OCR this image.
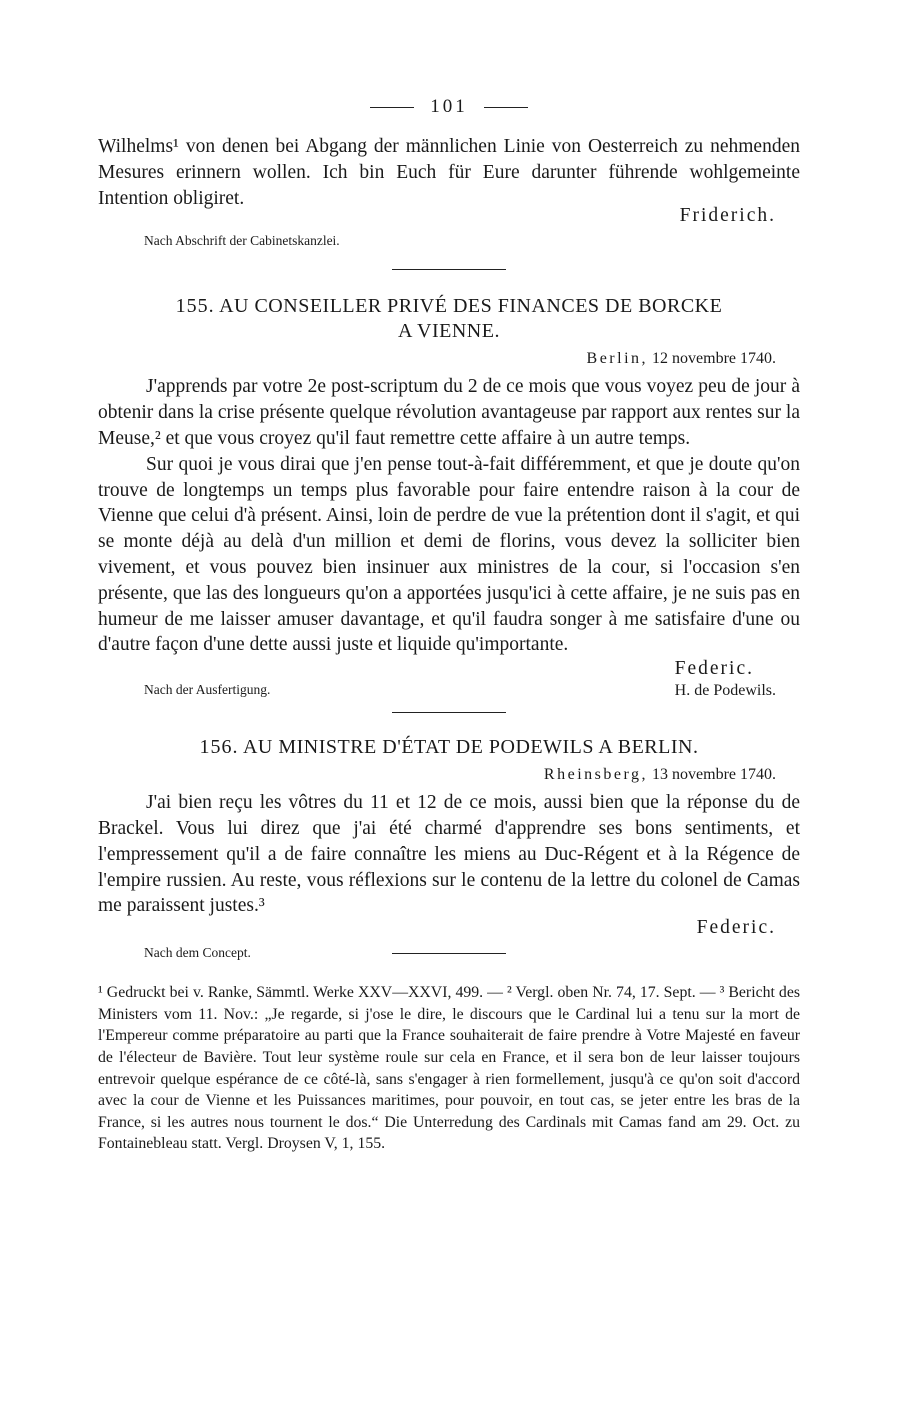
101

Wilhelms¹ von denen bei Abgang der männlichen Linie von Oesterreich zu nehmenden Mesures erinnern wollen. Ich bin Euch für Eure darunter führende wohlgemeinte Intention obligiret.

Friderich.
Nach Abschrift der Cabinetskanzlei.
155. AU CONSEILLER PRIVÉ DES FINANCES DE BORCKE
A VIENNE.
Berlin, 12 novembre 1740.

J'apprends par votre 2e post-scriptum du 2 de ce mois que vous voyez peu de jour à obtenir dans la crise présente quelque révolution avantageuse par rapport aux rentes sur la Meuse,² et que vous croyez qu'il faut remettre cette affaire à un autre temps.

Sur quoi je vous dirai que j'en pense tout-à-fait différemment, et que je doute qu'on trouve de longtemps un temps plus favorable pour faire entendre raison à la cour de Vienne que celui d'à présent. Ainsi, loin de perdre de vue la prétention dont il s'agit, et qui se monte déjà au delà d'un million et demi de florins, vous devez la solliciter bien vivement, et vous pouvez bien insinuer aux ministres de la cour, si l'occasion s'en présente, que las des longueurs qu'on a apportées jusqu'ici à cette affaire, je ne suis pas en humeur de me laisser amuser davantage, et qu'il faudra songer à me satisfaire d'une ou d'autre façon d'une dette aussi juste et liquide qu'importante.

Nach der Ausfertigung.
Federic.
H. de Podewils.
156. AU MINISTRE D'ÉTAT DE PODEWILS A BERLIN.
Rheinsberg, 13 novembre 1740.

J'ai bien reçu les vôtres du 11 et 12 de ce mois, aussi bien que la réponse du de Brackel. Vous lui direz que j'ai été charmé d'apprendre ses bons sentiments, et l'empressement qu'il a de faire connaître les miens au Duc-Régent et à la Régence de l'empire russien. Au reste, vous réflexions sur le contenu de la lettre du colonel de Camas me paraissent justes.³

Federic.
Nach dem Concept.

¹ Gedruckt bei v. Ranke, Sämmtl. Werke XXV—XXVI, 499. — ² Vergl. oben Nr. 74, 17. Sept. — ³ Bericht des Ministers vom 11. Nov.: „Je regarde, si j'ose le dire, le discours que le Cardinal lui a tenu sur la mort de l'Empereur comme préparatoire au parti que la France souhaiterait de faire prendre à Votre Majesté en faveur de l'électeur de Bavière. Tout leur système roule sur cela en France, et il sera bon de leur laisser toujours entrevoir quelque espérance de ce côté-là, sans s'engager à rien formellement, jusqu'à ce qu'on soit d'accord avec la cour de Vienne et les Puissances maritimes, pour pouvoir, en tout cas, se jeter entre les bras de la France, si les autres nous tournent le dos.“ Die Unterredung des Cardinals mit Camas fand am 29. Oct. zu Fontainebleau statt. Vergl. Droysen V, 1, 155.
